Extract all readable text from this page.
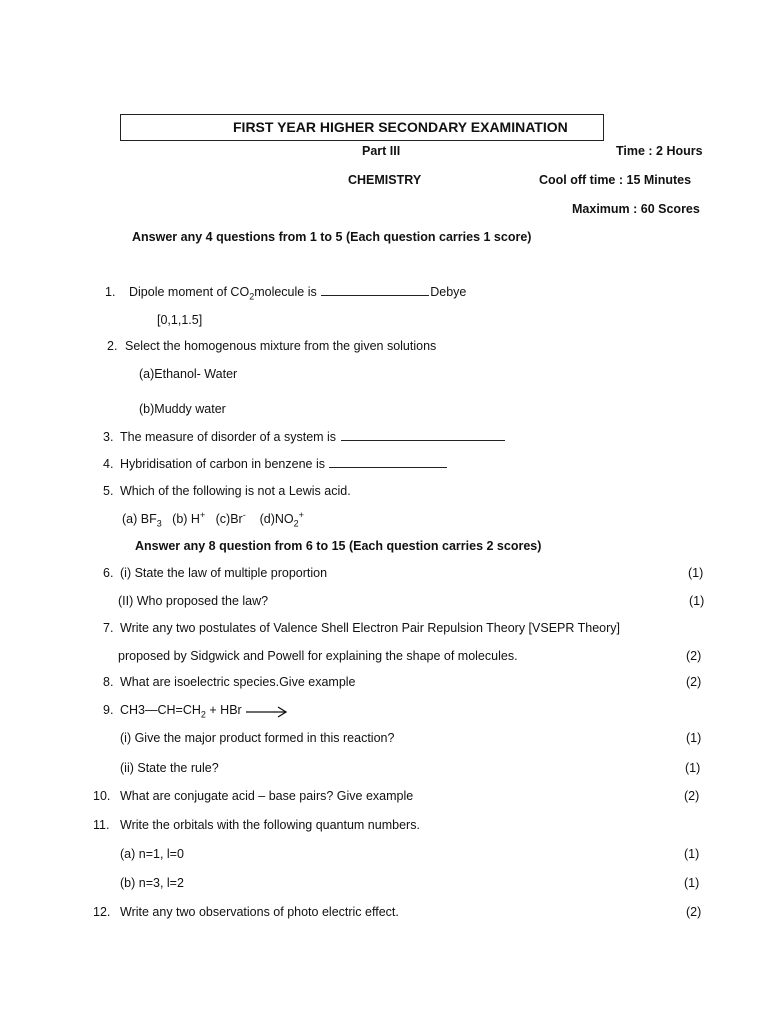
FIRST YEAR HIGHER SECONDARY EXAMINATION
Part III	Time : 2 Hours
CHEMISTRY	Cool off time : 15 Minutes
Maximum : 60 Scores
Answer any 4 questions from 1 to 5 (Each question carries 1 score)
1. Dipole moment of $CO_2molecule$ is	Debye
[0,1,1.5]
2. Select the homogenous mixture from the given solutions
(a)Ethanol- Water
(b)Muddy water
3. The measure of disorder of a system is
4. Hybridisation of carbon in benzene is
5. Which of the following is not a Lewis acid.
(a) $BF_3$ (b) H+ (c)Br- $(d)NO_2^+$
Answer any 8 question from 6 to 15 (Each question carries 2 scores)
6. (i) State the law of multiple proportion	(1)
(II) Who proposed the law?	(1)
7. Write any two postulates of Valence Shell Electron Pair Repulsion Theory [VSEPR Theory]
proposed by Sidgwick and Powell for explaining the shape of molecules.	(2)
8. What are isoelectric species.Give example	(2)
9. $CH3—CH=CH_2$ + HBr →
(i) Give the major product formed in this reaction?	(1)
(ii) State the rule?	(1)
10. What are conjugate acid – base pairs? Give example	(2)
11. Write the orbitals with the following quantum numbers.
(a) n=1, l=0	(1)
(b) n=3, l=2	(1)
12. Write any two observations of photo electric effect.	(2)
